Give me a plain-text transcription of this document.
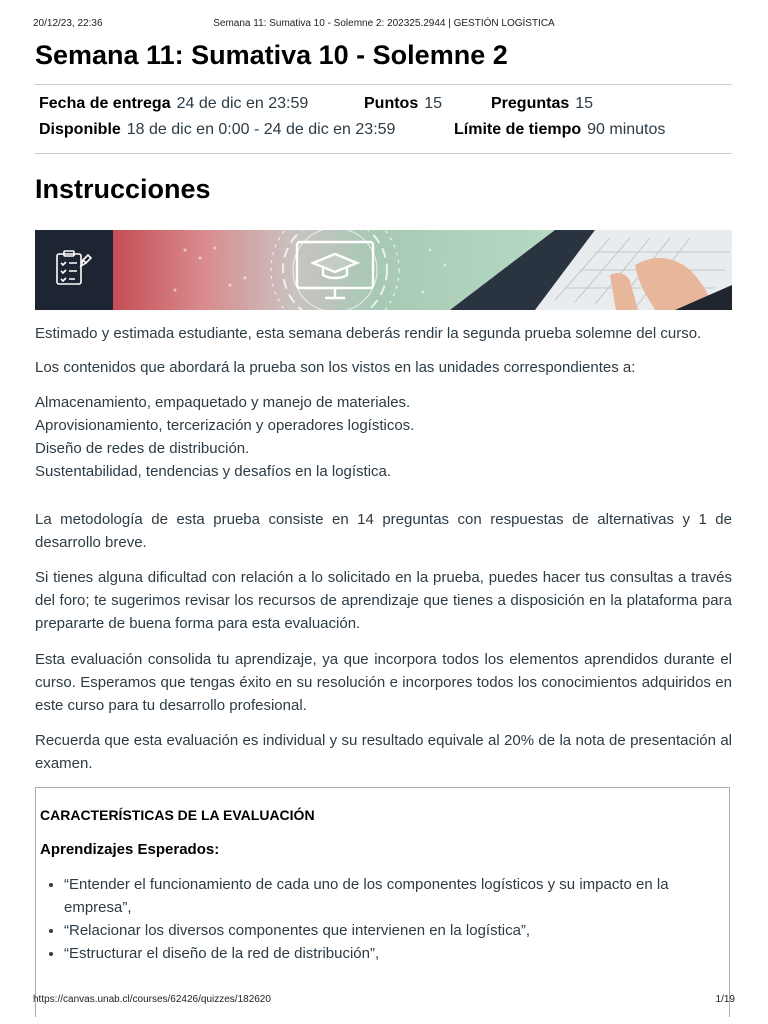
20/12/23, 22:36	Semana 11: Sumativa 10 - Solemne 2: 202325.2944 | GESTIÓN LOGÍSTICA
Semana 11: Sumativa 10 - Solemne 2
Fecha de entrega 24 de dic en 23:59	Puntos 15	Preguntas 15
Disponible 18 de dic en 0:00 - 24 de dic en 23:59	Límite de tiempo 90 minutos
Instrucciones

Estimado y estimada estudiante, esta semana deberás rendir la segunda prueba solemne del curso.

Los contenidos que abordará la prueba son los vistos en las unidades correspondientes a:

Almacenamiento, empaquetado y manejo de materiales.
Aprovisionamiento, tercerización y operadores logísticos.
Diseño de redes de distribución.
Sustentabilidad, tendencias y desafíos en la logística.

La metodología de esta prueba consiste en 14 preguntas con respuestas de alternativas y 1 de desarrollo breve.

Si tienes alguna dificultad con relación a lo solicitado en la prueba, puedes hacer tus consultas a través del foro; te sugerimos revisar los recursos de aprendizaje que tienes a disposición en la plataforma para prepararte de buena forma para esta evaluación.

Esta evaluación consolida tu aprendizaje, ya que incorpora todos los elementos aprendidos durante el curso. Esperamos que tengas éxito en su resolución e incorpores todos los conocimientos adquiridos en este curso para tu desarrollo profesional.

Recuerda que esta evaluación es individual y su resultado equivale al 20% de la nota de presentación al examen.

CARACTERÍSTICAS DE LA EVALUACIÓN

Aprendizajes Esperados:

• “Entender el funcionamiento de cada uno de los componentes logísticos y su impacto en la empresa”,
• “Relacionar los diversos componentes que intervienen en la logística”,
• “Estructurar el diseño de la red de distribución”,
https://canvas.unab.cl/courses/62426/quizzes/182620	1/19
